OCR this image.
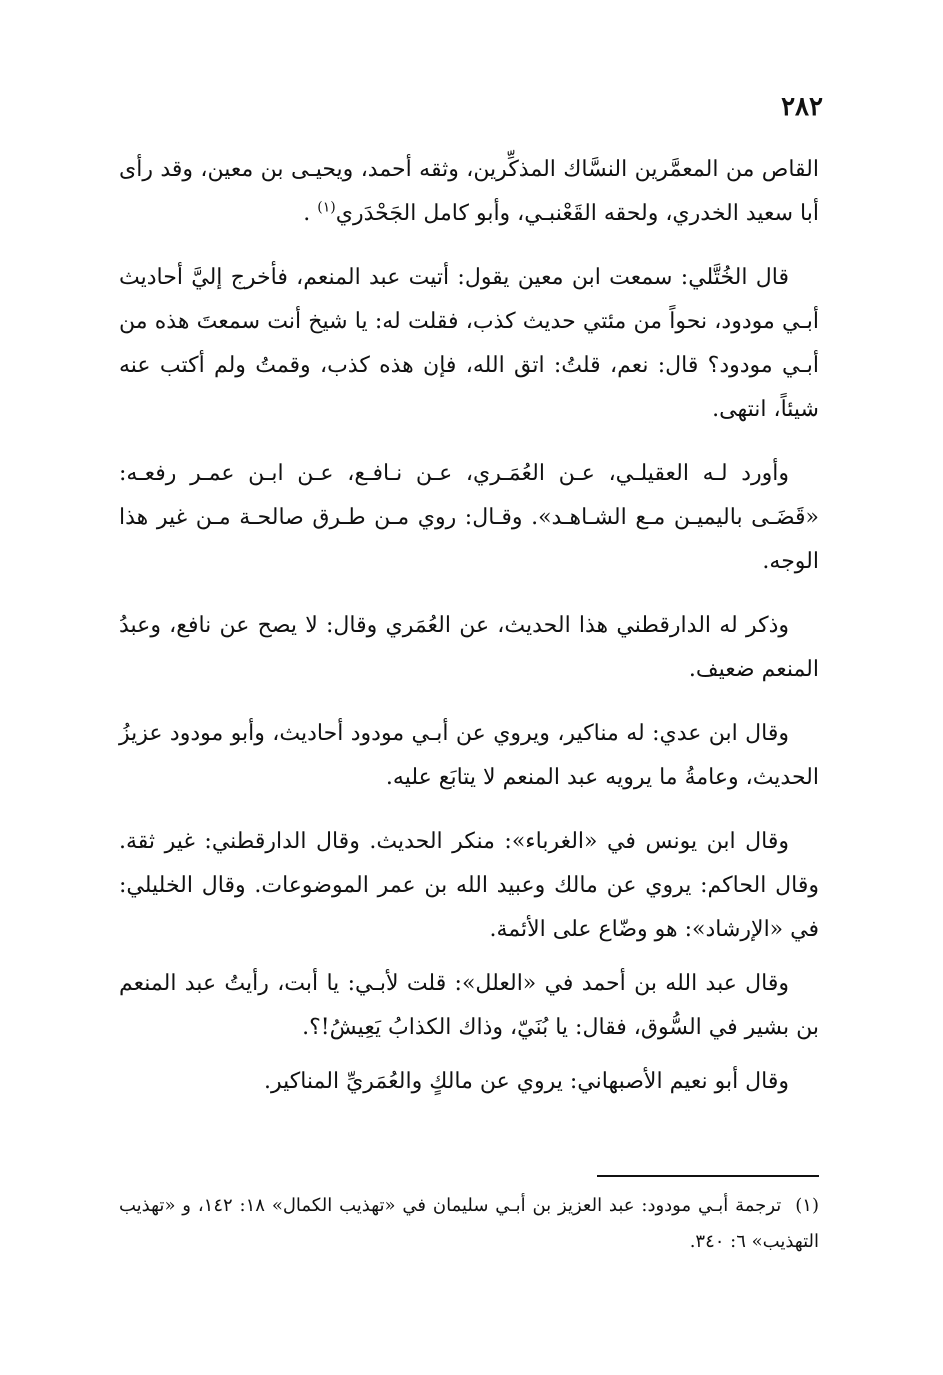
٢٨٢

القاص من المعمَّرين النسَّاك المذكِّرين، وثقه أحمد، ويحيـى بن معين، وقد رأى أبا سعيد الخدري، ولحقه القَعْنبـي، وأبو كامل الجَحْدَري$^{(١)}$ .

قال الخُتَّلي: سمعت ابن معين يقول: أتيت عبد المنعم، فأخرج إليَّ أحاديث أبـي مودود، نحواً من مئتي حديث كذب، فقلت له: يا شيخ أنت سمعتَ هذه من أبـي مودود؟ قال: نعم، قلتُ: اتق الله، فإن هذه كذب، وقمتُ ولم أكتب عنه شيئاً، انتهى.

وأورد لـه العقيلـي، عـن العُمَـري، عـن نـافـع، عـن ابـن عمـر رفعـه: «قَضَـى باليميـن مـع الشـاهـد». وقـال: روي مـن طـرق صالحـة مـن غير هذا الوجه.

وذكر له الدارقطني هذا الحديث، عن العُمَري وقال: لا يصح عن نافع، وعبدُ المنعم ضعيف.

وقال ابن عدي: له مناكير، ويروي عن أبـي مودود أحاديث، وأبو مودود عزيزُ الحديث، وعامةُ ما يرويه عبد المنعم لا يتابَع عليه.

وقال ابن يونس في «الغرباء»: منكر الحديث. وقال الدارقطني: غير ثقة. وقال الحاكم: يروي عن مالك وعبيد الله بن عمر الموضوعات. وقال الخليلي: في «الإرشاد»: هو وضّاع على الأئمة.

وقال عبد الله بن أحمد في «العلل»: قلت لأبـي: يا أبت، رأيتُ عبد المنعم بن بشير في السُّوق، فقال: يا بُنَيّ، وذاك الكذابُ يَعِيشُ!؟.

وقال أبو نعيم الأصبهاني: يروي عن مالكٍ والعُمَريِّ المناكير.

(١)ترجمة أبـي مودود: عبد العزيز بن أبـي سليمان في «تهذيب الكمال» ١٨: ١٤٢، و «تهذيب التهذيب» ٦: ٣٤٠.
